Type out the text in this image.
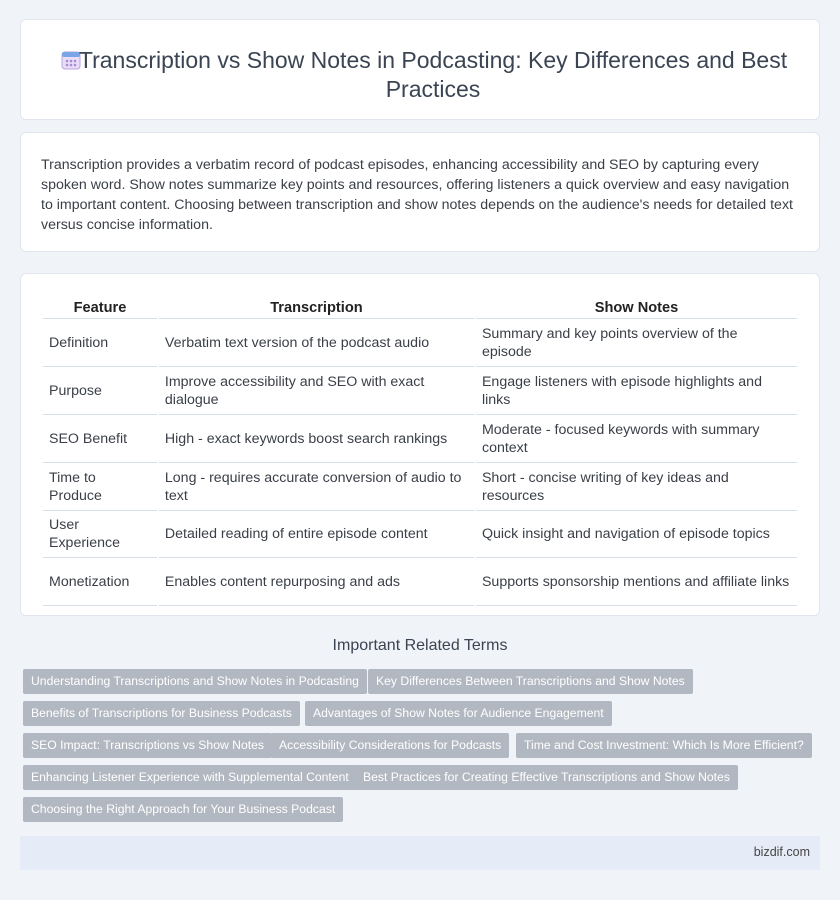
Transcription vs Show Notes in Podcasting: Key Differences and Best Practices

Transcription provides a verbatim record of podcast episodes, enhancing accessibility and SEO by capturing every spoken word. Show notes summarize key points and resources, offering listeners a quick overview and easy navigation to important content. Choosing between transcription and show notes depends on the audience's needs for detailed text versus concise information.

Feature	Transcription	Show Notes
Definition	Verbatim text version of the podcast audio	Summary and key points overview of the episode
Purpose	Improve accessibility and SEO with exact dialogue	Engage listeners with episode highlights and links
SEO Benefit	High - exact keywords boost search rankings	Moderate - focused keywords with summary context
Time to Produce	Long - requires accurate conversion of audio to text	Short - concise writing of key ideas and resources
User Experience	Detailed reading of entire episode content	Quick insight and navigation of episode topics
Monetization	Enables content repurposing and ads	Supports sponsorship mentions and affiliate links
Important Related Terms
Understanding Transcriptions and Show Notes in Podcasting	Key Differences Between Transcriptions and Show Notes
Benefits of Transcriptions for Business Podcasts	Advantages of Show Notes for Audience Engagement
SEO Impact: Transcriptions vs Show Notes	Accessibility Considerations for Podcasts	Time and Cost Investment: Which Is More Efficient?
Enhancing Listener Experience with Supplemental Content	Best Practices for Creating Effective Transcriptions and Show Notes
Choosing the Right Approach for Your Business Podcast
bizdif.com
